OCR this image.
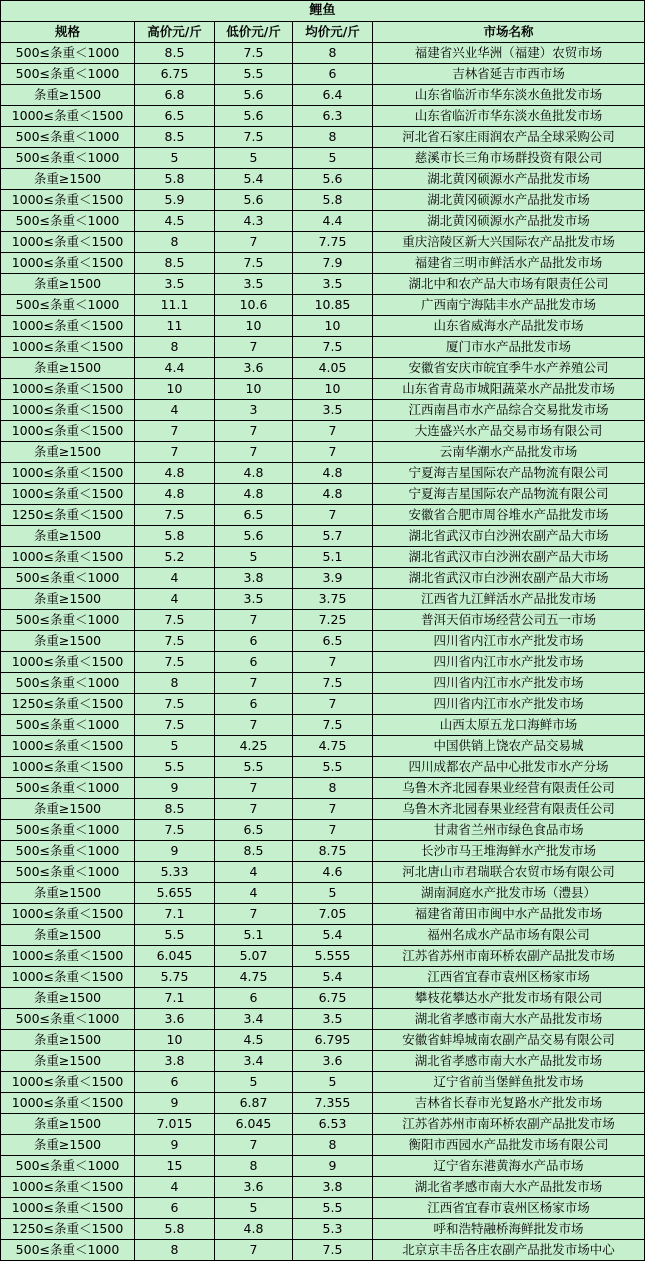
鲤鱼				
规格	高价元/斤	低价元/斤	均价元/斤	市场名称
500≤条重＜1000	8.5	7.5	8	福建省兴业华洲（福建）农贸市场
500≤条重＜1000	6.75	5.5	6	吉林省延吉市西市场
条重≥1500	6.8	5.6	6.4	山东省临沂市华东淡水鱼批发市场
1000≤条重＜1500	6.5	5.6	6.3	山东省临沂市华东淡水鱼批发市场
500≤条重＜1000	8.5	7.5	8	河北省石家庄雨润农产品全球采购公司
500≤条重＜1000	5	5	5	慈溪市长三角市场群投资有限公司
条重≥1500	5.8	5.4	5.6	湖北黄冈硕源水产品批发市场
1000≤条重＜1500	5.9	5.6	5.8	湖北黄冈硕源水产品批发市场
500≤条重＜1000	4.5	4.3	4.4	湖北黄冈硕源水产品批发市场
1000≤条重＜1500	8	7	7.75	重庆涪陵区新大兴国际农产品批发市场
1000≤条重＜1500	8.5	7.5	7.9	福建省三明市鲜活水产品批发市场
条重≥1500	3.5	3.5	3.5	湖北中和农产品大市场有限责任公司
500≤条重＜1000	11.1	10.6	10.85	广西南宁海陆丰水产品批发市场
1000≤条重＜1500	11	10	10	山东省威海水产品批发市场
1000≤条重＜1500	8	7	7.5	厦门市水产品批发市场
条重≥1500	4.4	3.6	4.05	安徽省安庆市皖宜季牛水产养殖公司
1000≤条重＜1500	10	10	10	山东省青岛市城阳蔬菜水产品批发市场
1000≤条重＜1500	4	3	3.5	江西南昌市水产品综合交易批发市场
1000≤条重＜1500	7	7	7	大连盛兴水产品交易市场有限公司
条重≥1500	7	7	7	云南华潮水产品批发市场
1000≤条重＜1500	4.8	4.8	4.8	宁夏海吉星国际农产品物流有限公司
1000≤条重＜1500	4.8	4.8	4.8	宁夏海吉星国际农产品物流有限公司
1250≤条重＜1500	7.5	6.5	7	安徽省合肥市周谷堆水产品批发市场
条重≥1500	5.8	5.6	5.7	湖北省武汉市白沙洲农副产品大市场
1000≤条重＜1500	5.2	5	5.1	湖北省武汉市白沙洲农副产品大市场
500≤条重＜1000	4	3.8	3.9	湖北省武汉市白沙洲农副产品大市场
条重≥1500	4	3.5	3.75	江西省九江鲜活水产品批发市场
500≤条重＜1000	7.5	7	7.25	普洱天佰市场经营公司五一市场
条重≥1500	7.5	6	6.5	四川省内江市水产批发市场
1000≤条重＜1500	7.5	6	7	四川省内江市水产批发市场
500≤条重＜1000	8	7	7.5	四川省内江市水产批发市场
1250≤条重＜1500	7.5	6	7	四川省内江市水产批发市场
500≤条重＜1000	7.5	7	7.5	山西太原五龙口海鲜市场
1000≤条重＜1500	5	4.25	4.75	中国供销上饶农产品交易城
1000≤条重＜1500	5.5	5.5	5.5	四川成都农产品中心批发市水产分场
500≤条重＜1000	9	7	8	乌鲁木齐北园春果业经营有限责任公司
条重≥1500	8.5	7	7	乌鲁木齐北园春果业经营有限责任公司
500≤条重＜1000	7.5	6.5	7	甘肃省兰州市绿色食品市场
500≤条重＜1000	9	8.5	8.75	长沙市马王堆海鲜水产批发市场
500≤条重＜1000	5.33	4	4.6	河北唐山市君瑞联合农贸市场有限公司
条重≥1500	5.655	4	5	湖南洞庭水产批发市场（澧县）
1000≤条重＜1500	7.1	7	7.05	福建省莆田市闽中水产品批发市场
条重≥1500	5.5	5.1	5.4	福州名成水产品市场有限公司
1000≤条重＜1500	6.045	5.07	5.555	江苏省苏州市南环桥农副产品批发市场
1000≤条重＜1500	5.75	4.75	5.4	江西省宜春市袁州区杨家市场
条重≥1500	7.1	6	6.75	攀枝花攀达水产批发市场有限公司
500≤条重＜1000	3.6	3.4	3.5	湖北省孝感市南大水产品批发市场
条重≥1500	10	4.5	6.795	安徽省蚌埠城南农副产品交易有限公司
条重≥1500	3.8	3.4	3.6	湖北省孝感市南大水产品批发市场
1000≤条重＜1500	6	5	5	辽宁省前当堡鲜鱼批发市场
1000≤条重＜1500	9	6.87	7.355	吉林省长春市光复路水产批发市场
条重≥1500	7.015	6.045	6.53	江苏省苏州市南环桥农副产品批发市场
条重≥1500	9	7	8	衡阳市西园水产品批发市场有限公司
500≤条重＜1000	15	8	9	辽宁省东港黄海水产品市场
1000≤条重＜1500	4	3.6	3.8	湖北省孝感市南大水产品批发市场
1000≤条重＜1500	6	5	5.5	江西省宜春市袁州区杨家市场
1250≤条重＜1500	5.8	4.8	5.3	呼和浩特融桥海鲜批发市场
500≤条重＜1000	8	7	7.5	北京京丰岳各庄农副产品批发市场中心
